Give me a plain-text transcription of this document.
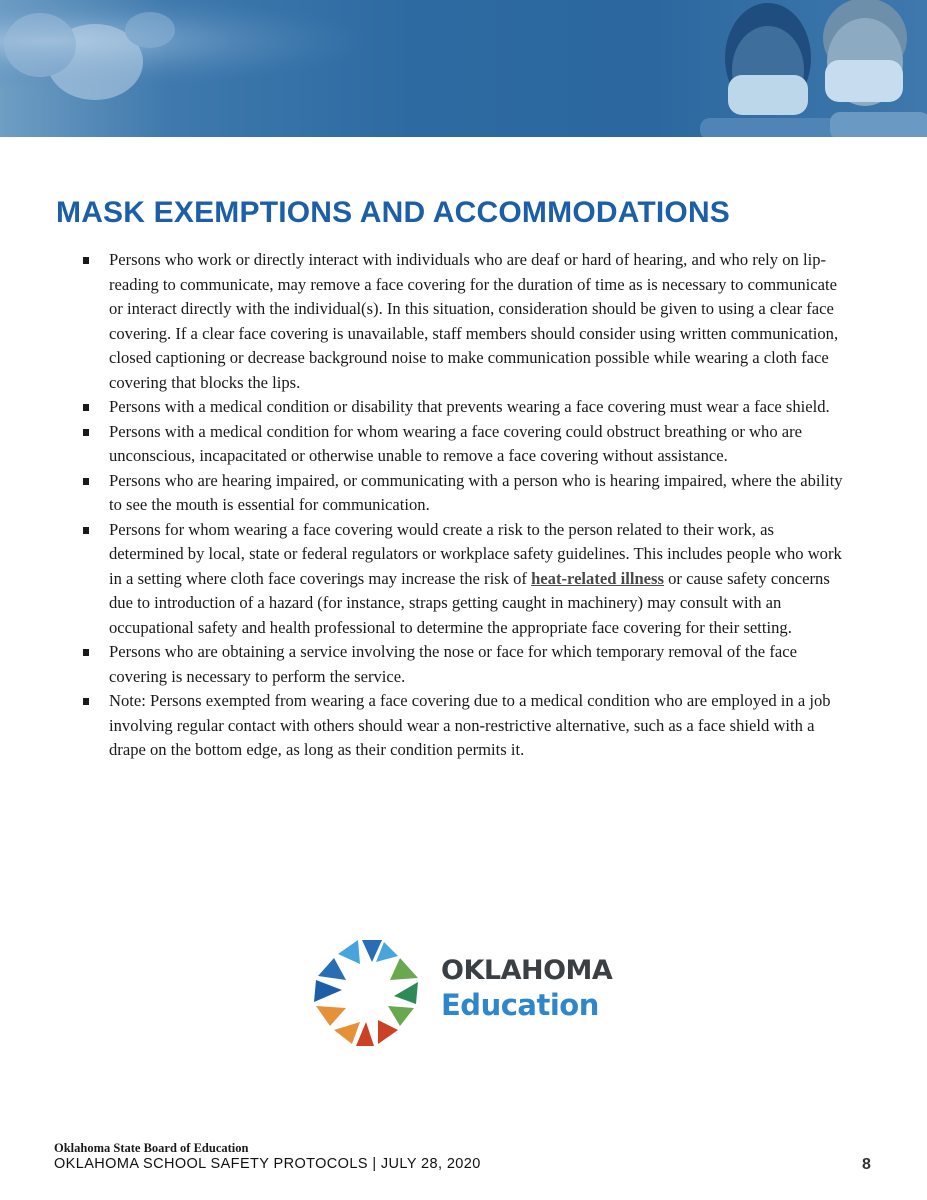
MASK EXEMPTIONS AND ACCOMMODATIONS
Persons who work or directly interact with individuals who are deaf or hard of hearing, and who rely on lip-reading to communicate, may remove a face covering for the duration of time as is necessary to communicate or interact directly with the individual(s). In this situation, consideration should be given to using a clear face covering. If a clear face covering is unavailable, staff members should consider using written communication, closed captioning or decrease background noise to make communication possible while wearing a cloth face covering that blocks the lips.
Persons with a medical condition or disability that prevents wearing a face covering must wear a face shield.
Persons with a medical condition for whom wearing a face covering could obstruct breathing or who are unconscious, incapacitated or otherwise unable to remove a face covering without assistance.
Persons who are hearing impaired, or communicating with a person who is hearing impaired, where the ability to see the mouth is essential for communication.
Persons for whom wearing a face covering would create a risk to the person related to their work, as determined by local, state or federal regulators or workplace safety guidelines. This includes people who work in a setting where cloth face coverings may increase the risk of heat-related illness or cause safety concerns due to introduction of a hazard (for instance, straps getting caught in machinery) may consult with an occupational safety and health professional to determine the appropriate face covering for their setting.
Persons who are obtaining a service involving the nose or face for which temporary removal of the face covering is necessary to perform the service.
Note: Persons exempted from wearing a face covering due to a medical condition who are employed in a job involving regular contact with others should wear a non-restrictive alternative, such as a face shield with a drape on the bottom edge, as long as their condition permits it.
OKLAHOMA
Education
Oklahoma State Board of Education
OKLAHOMA SCHOOL SAFETY PROTOCOLS | JULY 28, 2020	8
